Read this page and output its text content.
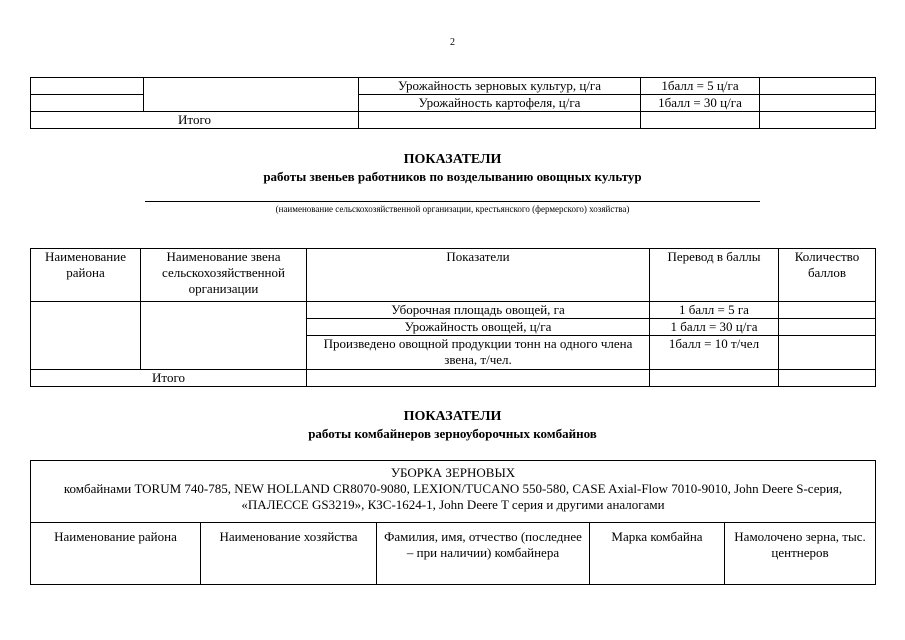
2
		Урожайность зерновых культур, ц/га	1балл = 5 ц/га	
		Урожайность картофеля, ц/га	1балл = 30 ц/га	
Итого				
ПОКАЗАТЕЛИ
работы звеньев работников по возделыванию овощных культур
(наименование сельскохозяйственной организации, крестьянского (фермерского) хозяйства)
Наименование района	Наименование звена сельскохозяйственной организации	Показатели	Перевод в баллы	Количество баллов
		Уборочная площадь овощей, га	1 балл = 5 га	
		Урожайность овощей, ц/га	1 балл = 30 ц/га	
		Произведено овощной продукции тонн на одного члена звена, т/чел.	1балл = 10 т/чел	
Итого				
ПОКАЗАТЕЛИ
работы комбайнеров зерноуборочных комбайнов
УБОРКА ЗЕРНОВЫХ
комбайнами TORUM 740-785, NEW HOLLAND CR8070-9080, LEXION/TUCANO 550-580, CASE Axial-Flow 7010-9010, John Deere S-серия, «ПАЛЕССЕ GS3219», КЗС-1624-1, John Deere T серия и другими аналогами

Наименование района	Наименование хозяйства	Фамилия, имя, отчество (последнее – при наличии) комбайнера	Марка комбайна	Намолочено зерна, тыс. центнеров
